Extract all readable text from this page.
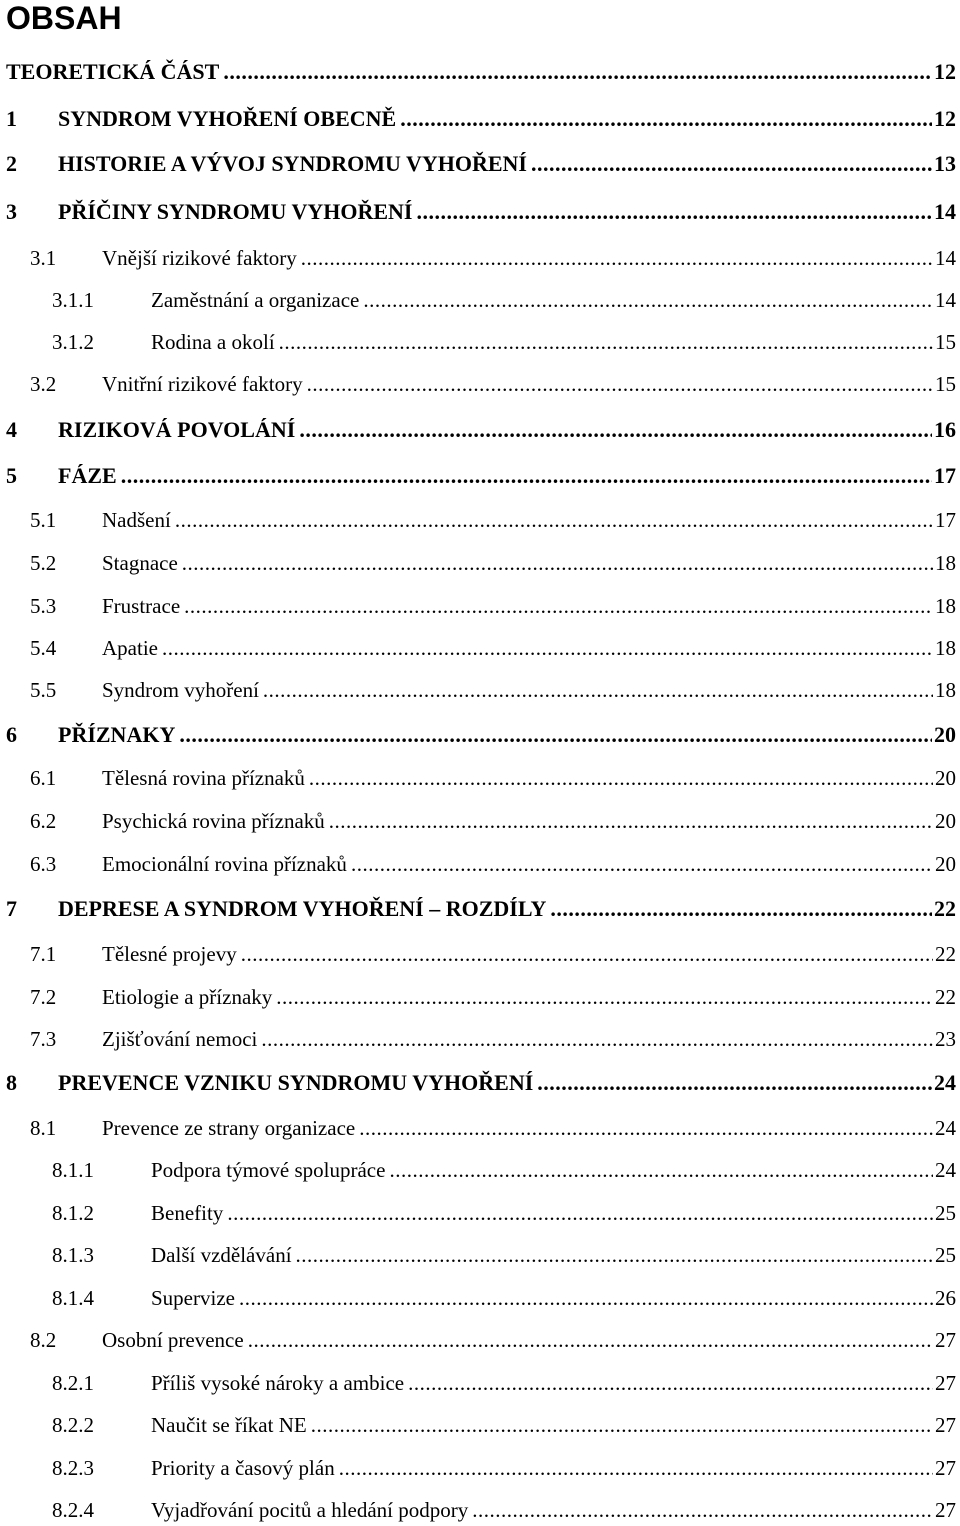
OBSAH
TEORETICKÁ ČÁST .....	12
1	SYNDROM VYHOŘENÍ OBECNĚ .....	12
2	HISTORIE A VÝVOJ SYNDROMU VYHOŘENÍ .....	13
3	PŘÍČINY SYNDROMU VYHOŘENÍ .....	14
3.1	Vnější rizikové faktory .....	14
3.1.1	Zaměstnání a organizace .....	14
3.1.2	Rodina a okolí .....	15
3.2	Vnitřní rizikové faktory .....	15
4	RIZIKOVÁ POVOLÁNÍ .....	16
5	FÁZE .....	17
5.1	Nadšení .....	17
5.2	Stagnace .....	18
5.3	Frustrace .....	18
5.4	Apatie .....	18
5.5	Syndrom vyhoření .....	18
6	PŘÍZNAKY .....	20
6.1	Tělesná rovina příznaků .....	20
6.2	Psychická rovina příznaků .....	20
6.3	Emocionální rovina příznaků .....	20
7	DEPRESE A SYNDROM VYHOŘENÍ – ROZDÍLY .....	22
7.1	Tělesné projevy .....	22
7.2	Etiologie a příznaky .....	22
7.3	Zjišťování nemoci .....	23
8	PREVENCE VZNIKU SYNDROMU VYHOŘENÍ .....	24
8.1	Prevence ze strany organizace .....	24
8.1.1	Podpora týmové spolupráce .....	24
8.1.2	Benefity .....	25
8.1.3	Další vzdělávání .....	25
8.1.4	Supervize .....	26
8.2	Osobní prevence .....	27
8.2.1	Příliš vysoké nároky a ambice .....	27
8.2.2	Naučit se říkat NE .....	27
8.2.3	Priority a časový plán .....	27
8.2.4	Vyjadřování pocitů a hledání podpory .....	27
